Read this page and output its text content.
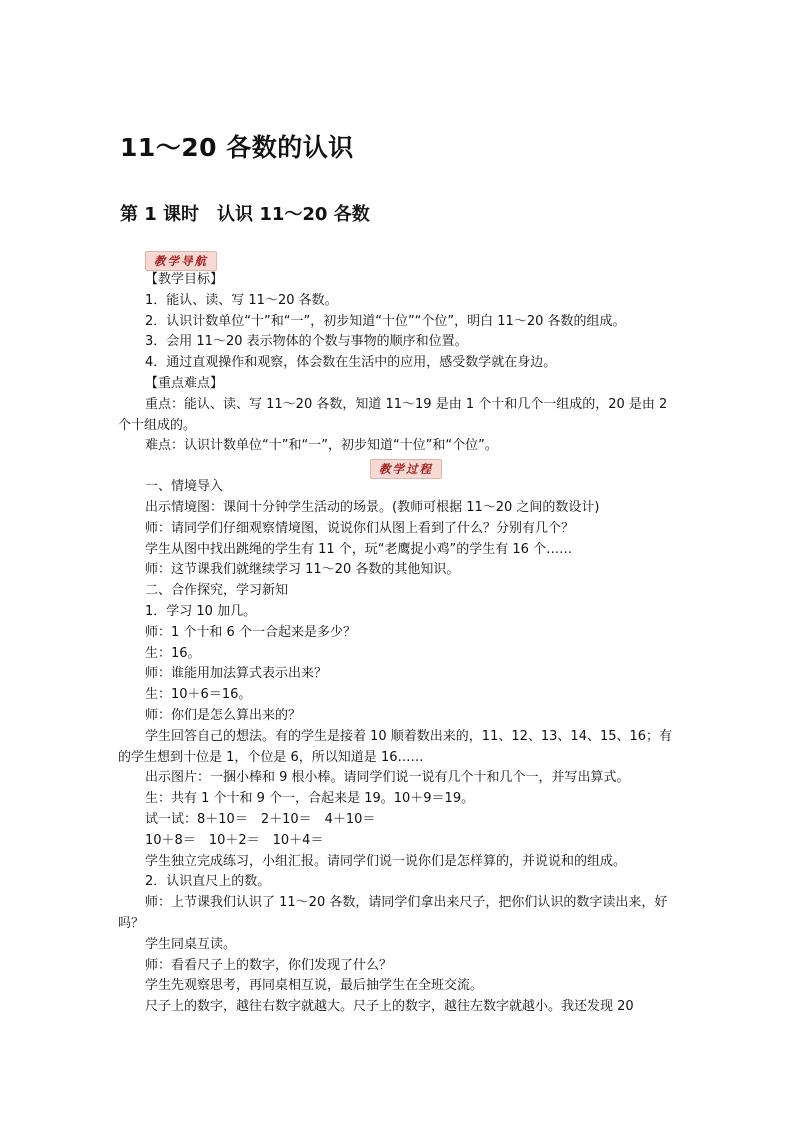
11～20 各数的认识
第 1 课时　认识 11～20 各数
教学导航
教学过程

【教学目标】

1．能认、读、写 11～20 各数。

2．认识计数单位“十”和“一”，初步知道“十位”“个位”，明白 11～20 各数的组成。

3．会用 11～20 表示物体的个数与事物的顺序和位置。

4．通过直观操作和观察，体会数在生活中的应用，感受数学就在身边。

【重点难点】

重点：能认、读、写 11～20 各数，知道 11～19 是由 1 个十和几个一组成的，20 是由 2 个十组成的。

难点：认识计数单位“十”和“一”，初步知道“十位”和“个位”。

一、情境导入

出示情境图：课间十分钟学生活动的场景。(教师可根据 11～20 之间的数设计)

师：请同学们仔细观察情境图，说说你们从图上看到了什么？分别有几个？

学生从图中找出跳绳的学生有 11 个，玩“老鹰捉小鸡”的学生有 16 个……

师：这节课我们就继续学习 11～20 各数的其他知识。

二、合作探究，学习新知

1．学习 10 加几。

师：1 个十和 6 个一合起来是多少？

生：16。

师：谁能用加法算式表示出来？

生：10＋6＝16。

师：你们是怎么算出来的？

学生回答自己的想法。有的学生是接着 10 顺着数出来的，11、12、13、14、15、16；有的学生想到十位是 1，个位是 6，所以知道是 16……

出示图片：一捆小棒和 9 根小棒。请同学们说一说有几个十和几个一，并写出算式。

生：共有 1 个十和 9 个一，合起来是 19。10＋9＝19。

试一试：8＋10＝　2＋10＝　4＋10＝

10＋8＝　10＋2＝　10＋4＝

学生独立完成练习，小组汇报。请同学们说一说你们是怎样算的，并说说和的组成。

2．认识直尺上的数。

师：上节课我们认识了 11～20 各数，请同学们拿出来尺子，把你们认识的数字读出来，好吗？

学生同桌互读。

师：看看尺子上的数字，你们发现了什么？

学生先观察思考，再同桌相互说，最后抽学生在全班交流。

尺子上的数字，越往右数字就越大。尺子上的数字，越往左数字就越小。我还发现 20
